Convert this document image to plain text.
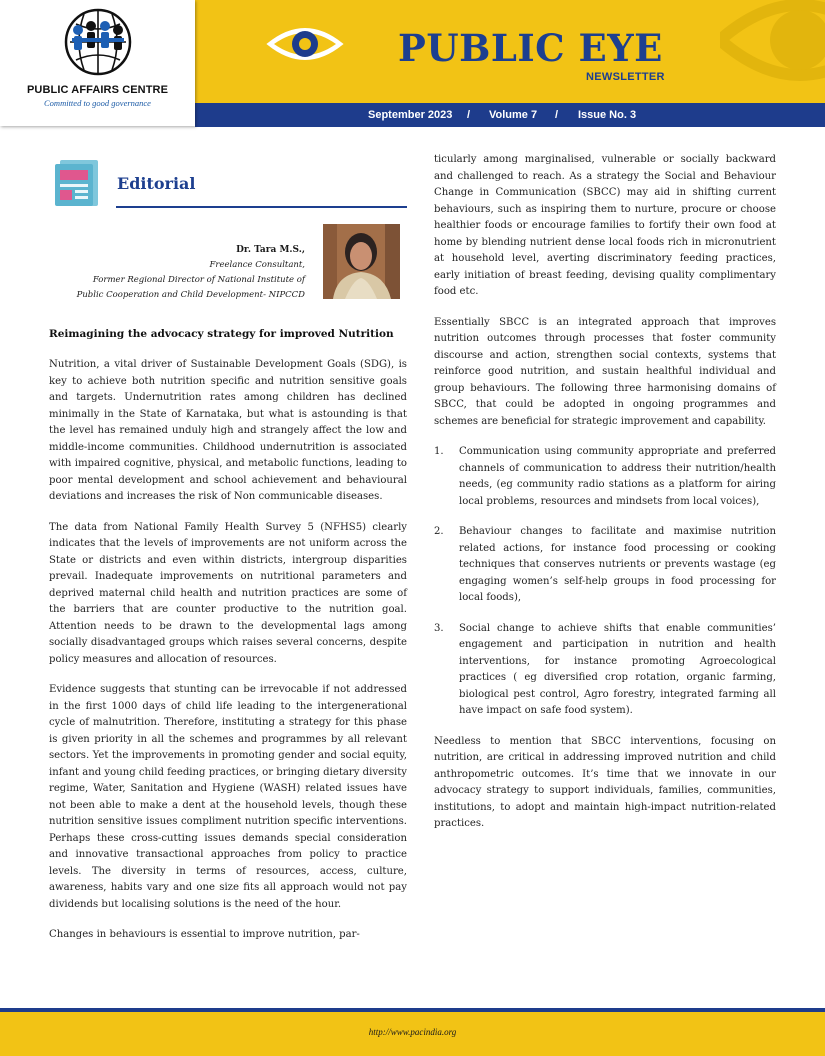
PUBLIC AFFAIRS CENTRE
Committed to good governance
PUBLIC EYE
NEWSLETTER
September 2023 / Volume 7 / Issue No. 3
Editorial
Dr. Tara M.S.,
Freelance Consultant,
Former Regional Director of National Institute of
Public Cooperation and Child Development- NIPCCD
Reimagining the advocacy strategy for improved Nutrition

Nutrition, a vital driver of Sustainable Development Goals (SDG), is key to achieve both nutrition specific and nutrition sensitive goals and targets. Undernutrition rates among children has declined minimally in the State of Karnataka, but what is astounding is that the level has remained unduly high and strangely affect the low and middle-income communities. Childhood undernutrition is associated with impaired cognitive, physical, and metabolic functions, leading to poor mental development and school achievement and behavioural deviations and increases the risk of Non communicable diseases.

The data from National Family Health Survey 5 (NFHS5) clearly indicates that the levels of improvements are not uniform across the State or districts and even within districts, intergroup disparities prevail. Inadequate improvements on nutritional parameters and deprived maternal child health and nutrition practices are some of the barriers that are counter productive to the nutrition goal. Attention needs to be drawn to the developmental lags among socially disadvantaged groups which raises several concerns, despite policy measures and allocation of resources.

Evidence suggests that stunting can be irrevocable if not addressed in the first 1000 days of child life leading to the intergenerational cycle of malnutrition. Therefore, instituting a strategy for this phase is given priority in all the schemes and programmes by all relevant sectors. Yet the improvements in promoting gender and social equity, infant and young child feeding practices, or bringing dietary diversity regime, Water, Sanitation and Hygiene (WASH) related issues have not been able to make a dent at the household levels, though these nutrition sensitive issues compliment nutrition specific interventions. Perhaps these cross-cutting issues demands special consideration and innovative transactional approaches from policy to practice levels. The diversity in terms of resources, access, culture, awareness, habits vary and one size fits all approach would not pay dividends but localising solutions is the need of the hour.

Changes in behaviours is essential to improve nutrition, par-

ticularly among marginalised, vulnerable or socially backward and challenged to reach. As a strategy the Social and Behaviour Change in Communication (SBCC) may aid in shifting current behaviours, such as inspiring them to nurture, procure or choose healthier foods or encourage families to fortify their own food at home by blending nutrient dense local foods rich in micronutrient at household level, averting discriminatory feeding practices, early initiation of breast feeding, devising quality complimentary food etc.

Essentially SBCC is an integrated approach that improves nutrition outcomes through processes that foster community discourse and action, strengthen social contexts, systems that reinforce good nutrition, and sustain healthful individual and group behaviours. The following three harmonising domains of SBCC, that could be adopted in ongoing programmes and schemes are beneficial for strategic improvement and capability.

1. Communication using community appropriate and preferred channels of communication to address their nutrition/health needs, (eg community radio stations as a platform for airing local problems, resources and mindsets from local voices),
2. Behaviour changes to facilitate and maximise nutrition related actions, for instance food processing or cooking techniques that conserves nutrients or prevents wastage (eg engaging women’s self-help groups in food processing for local foods),
3. Social change to achieve shifts that enable communities’ engagement and participation in nutrition and health interventions, for instance promoting Agroecological practices ( eg diversified crop rotation, organic farming, biological pest control, Agro forestry, integrated farming all have impact on safe food system).

Needless to mention that SBCC interventions, focusing on nutrition, are critical in addressing improved nutrition and child anthropometric outcomes. It’s time that we innovate in our advocacy strategy to support individuals, families, communities, institutions, to adopt and maintain high-impact nutrition-related practices.

http://www.pacindia.org
